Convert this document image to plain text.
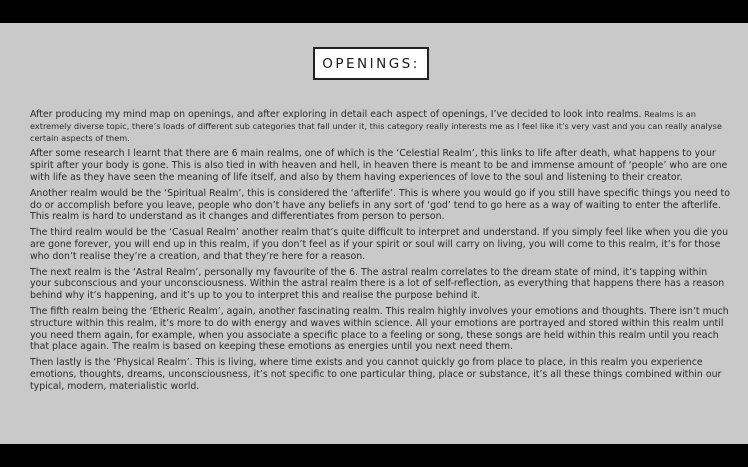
OPENINGS:

After producing my mind map on openings, and after exploring in detail each aspect of openings, I’ve decided to look into realms. Realms is an extremely diverse topic, there’s loads of different sub categories that fall under it, this category really interests me as I feel like it’s very vast and you can really analyse certain aspects of them.

After some research I learnt that there are 6 main realms, one of which is the ‘Celestial Realm’, this links to life after death, what happens to your spirit after your body is gone. This is also tied in with heaven and hell, in heaven there is meant to be and immense amount of ‘people’ who are one with life as they have seen the meaning of life itself, and also by them having experiences of love to the soul and listening to their creator.

Another realm would be the ‘Spiritual Realm’, this is considered the ‘afterlife’. This is where you would go if you still have specific things you need to do or accomplish before you leave, people who don’t have any beliefs in any sort of ‘god’ tend to go here as a way of waiting to enter the afterlife. This realm is hard to understand as it changes and differentiates from person to person.

The third realm would be the ‘Casual Realm’ another realm that’s quite difficult to interpret and understand. If you simply feel like when you die you are gone forever, you will end up in this realm, if you don’t feel as if your spirit or soul will carry on living, you will come to this realm, it’s for those who don’t realise they’re a creation, and that they’re here for a reason.

The next realm is the ‘Astral Realm’, personally my favourite of the 6. The astral realm correlates to the dream state of mind, it’s tapping within your subconscious and your unconsciousness. Within the astral realm there is a lot of self-reflection, as everything that happens there has a reason behind why it’s happening, and it’s up to you to interpret this and realise the purpose behind it.

The fifth realm being the ‘Etheric Realm’, again, another fascinating realm. This realm highly involves your emotions and thoughts. There isn’t much structure within this realm, it’s more to do with energy and waves within science. All your emotions are portrayed and stored within this realm until you need them again, for example, when you associate a specific place to a feeling or song, these songs are held within this realm until you reach that place again. The realm is based on keeping these emotions as energies until you next need them.

Then lastly is the ‘Physical Realm’. This is living, where time exists and you cannot quickly go from place to place, in this realm you experience emotions, thoughts, dreams, unconsciousness, it’s not specific to one particular thing, place or substance, it’s all these things combined within our typical, modern, materialistic world.
